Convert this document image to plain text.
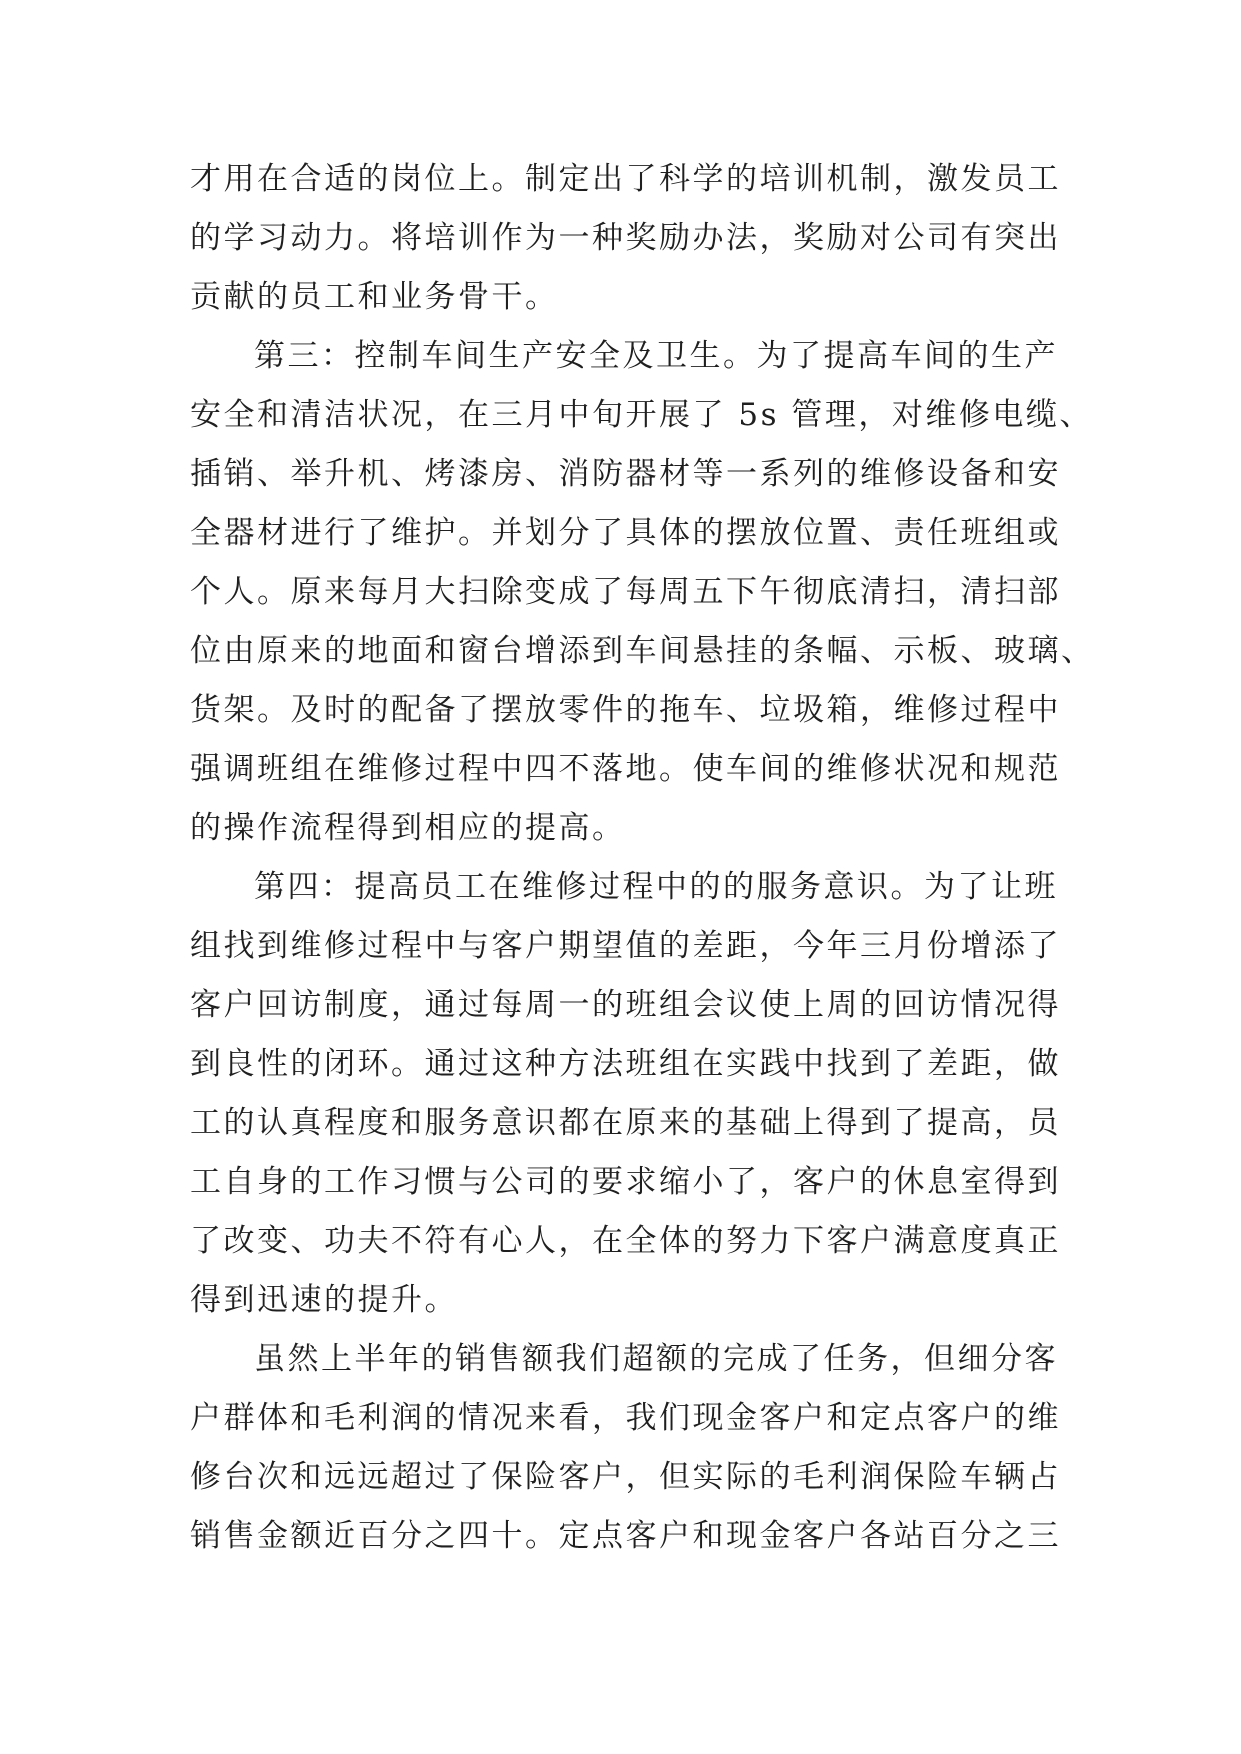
才用在合适的岗位上。制定出了科学的培训机制，激发员工
的学习动力。将培训作为一种奖励办法，奖励对公司有突出
贡献的员工和业务骨干。
第三：控制车间生产安全及卫生。为了提高车间的生产
安全和清洁状况，在三月中旬开展了 5s 管理，对维修电缆、
插销、举升机、烤漆房、消防器材等一系列的维修设备和安
全器材进行了维护。并划分了具体的摆放位置、责任班组或
个人。原来每月大扫除变成了每周五下午彻底清扫，清扫部
位由原来的地面和窗台增添到车间悬挂的条幅、示板、玻璃、
货架。及时的配备了摆放零件的拖车、垃圾箱，维修过程中
强调班组在维修过程中四不落地。使车间的维修状况和规范
的操作流程得到相应的提高。
第四：提高员工在维修过程中的的服务意识。为了让班
组找到维修过程中与客户期望值的差距，今年三月份增添了
客户回访制度，通过每周一的班组会议使上周的回访情况得
到良性的闭环。通过这种方法班组在实践中找到了差距，做
工的认真程度和服务意识都在原来的基础上得到了提高，员
工自身的工作习惯与公司的要求缩小了，客户的休息室得到
了改变、功夫不符有心人，在全体的努力下客户满意度真正
得到迅速的提升。
虽然上半年的销售额我们超额的完成了任务，但细分客
户群体和毛利润的情况来看，我们现金客户和定点客户的维
修台次和远远超过了保险客户，但实际的毛利润保险车辆占
销售金额近百分之四十。定点客户和现金客户各站百分之三
